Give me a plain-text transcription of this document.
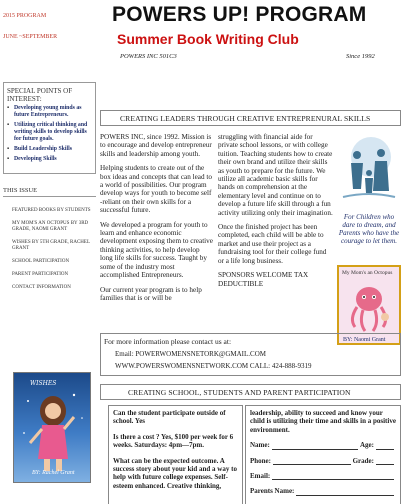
2015 PROGRAM
JUNE ~SEPTEMBER
POWERS UP! PROGRAM
Summer Book Writing Club
POWERS INC 501C3	Since 1992
SPECIAL POINTS OF INTEREST:
▪ Developing young minds as future Entrepreneurs.
▪ Utilizing critical thinking and writing skills to develop skills for future goals.
▪ Build Leadership Skills
▪ Developing Skills
THIS ISSUE
FEATURED BOOKS BY STUDENTS
MY MOM'S AN OCTOPUS BY 3RD GRADE, NAOMI GRANT
WISHES BY 5TH GRADE, RACHEL GRANT
SCHOOL PARTICIPATION
PARENT PARTICIPATION
CONTACT INFORMATION
WISHES
BY: Rachel Grant
CREATING LEADERS THROUGH CREATIVE ENTREPRENURAL SKILLS

POWERS INC, since 1992. Mission is to encourage and develop entrepreneur skills and leadership among youth.

Helping students to create out of the box ideas and concepts that can lead to a world of possibilities. Our program develop ways for youth to become self -reliant on their own skills for a successful future.

We developed a program for youth to learn and enhance economic development exposing them to creative thinking activities, to help develop long life skills for success. Taught by some of the industry most accomplished Entrepreneurs.

Our current year program is to help families that is or will be

struggling with financial aide for private school lessons, or with college tuition. Teaching students how to create their own brand and utilize their skills as youth to prepare for the future. We utilize all academic basic skills for hands on comprehension at the elementary level and continue on to develop a future life skill through a fun activity utilizing only their imagination.

Once the finished project has been completed, each child will be able to market and use their project as a fundraising tool for their college fund or a life long business.

SPONSORS WELCOME TAX DEDUCTIBLE

For Children who dare to dream, and Parents who have the courage to let them.
My Mom's an Octopus
BY: Naomi Grant
For more information please contact us at:
Email: POWERWOMENSNETORK@GMAIL.COM
WWW.POWERSWOMENSNETWORK.COM CALL: 424-888-9319
CREATING SCHOOL, STUDENTS AND PARENT PARTICIPATION

Can the student participate outside of school. Yes

Is there a cost ? Yes, $100 per week for 6 weeks. Saturdays: 4pm—7pm.

What can be the expected outcome. A success story about your kid and a way to help with future college expenses. Self-esteem enhanced. Creative thinking,

leadership, ability to succeed and know your child is utilizing their time and skills in a positive environment.
Name:	Age:
Phone:	Grade:
Email:
Parents Name:
